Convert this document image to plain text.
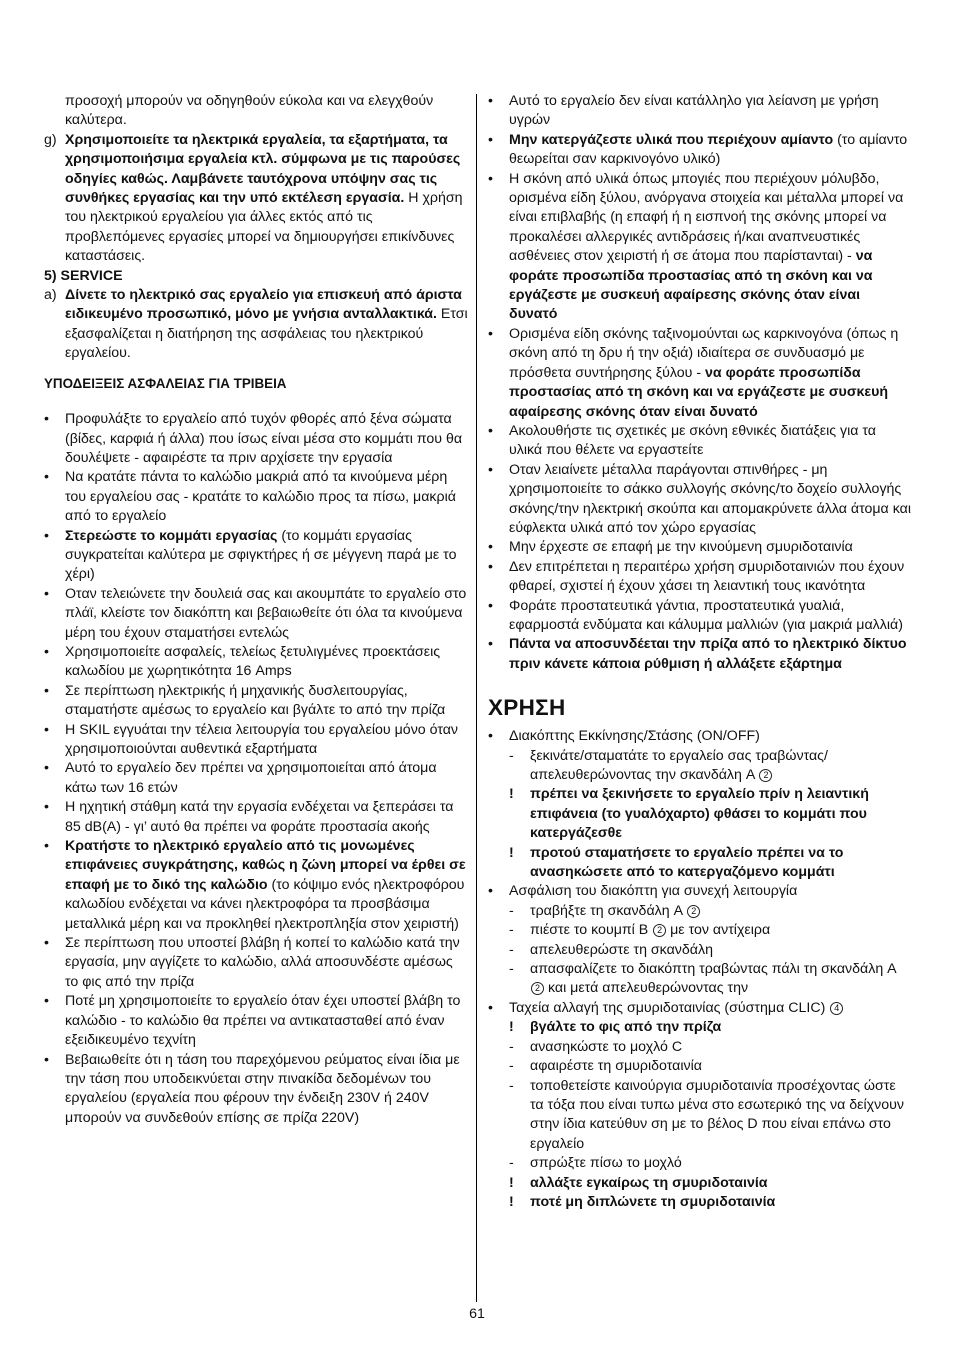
προσοχή μπορούν να οδηγηθούν εύκολα και να ελεγχθούν καλύτερα.

g) Χρησιμοποιείτε τα ηλεκτρικά εργαλεία, τα εξαρτήματα, τα χρησιμοποιήσιμα εργαλεία κτλ. σύμφωνα με τις παρούσες οδηγίες καθώς. Λαμβάνετε ταυτόχρονα υπόψην σας τις συνθήκες εργασίας και την υπό εκτέλεση εργασία. Η χρήση του ηλεκτρικού εργαλείου για άλλες εκτός από τις προβλεπόμενες εργασίες μπορεί να δημιουργήσει επικίνδυνες καταστάσεις.

5) SERVICE

a) Δίνετε το ηλεκτρικό σας εργαλείο για επισκευή από άριστα ειδικευμένο προσωπικό, μόνο με γνήσια ανταλλακτικά. Ετσι εξασφαλίζεται η διατήρηση της ασφάλειας του ηλεκτρικού εργαλείου.

ΥΠΟΔΕΙΞΕΙΣ ΑΣΦΑΛΕΙΑΣ ΓΙΑ ΤΡΙΒΕΙΑ

• Προφυλάξτε το εργαλείο από τυχόν φθορές από ξένα σώματα (βίδες, καρφιά ή άλλα) που ίσως είναι μέσα στο κομμάτι που θα δουλέψετε - αφαιρέστε τα πριν αρχίσετε την εργασία

• Να κρατάτε πάντα το καλώδιο μακριά από τα κινούμενα μέρη του εργαλείου σας - κρατάτε το καλώδιο προς τα πίσω, μακριά από το εργαλείο

• Στερεώστε το κομμάτι εργασίας (το κομμάτι εργασίας συγκρατείται καλύτερα με σφιγκτήρες ή σε μέγγενη παρά με το χέρι)

• Οταν τελειώνετε την δουλειά σας και ακουμπάτε το εργαλείο στο πλάϊ, κλείστε τον διακόπτη και βεβαιωθείτε ότι όλα τα κινούμενα μέρη του έχουν σταματήσει εντελώς

• Χρησιμοποιείτε ασφαλείς, τελείως ξετυλιγμένες προεκτάσεις καλωδίου με χωρητικότητα 16 Amps

• Σε περίπτωση ηλεκτρικής ή μηχανικής δυσλειτουργίας, σταματήστε αμέσως το εργαλείο και βγάλτε το από την πρίζα

• Η SKIL εγγυάται την τέλεια λειτουργία του εργαλείου μόνο όταν χρησιμοποιούνται αυθεντικά εξαρτήματα

• Αυτό το εργαλείο δεν πρέπει να χρησιμοποιείται από άτομα κάτω των 16 ετών

• Η ηχητική στάθμη κατά την εργασία ενδέχεται να ξεπεράσει τα 85 dB(A) - γι’ αυτό θα πρέπει να φοράτε προστασία ακοής

• Κρατήστε το ηλεκτρικό εργαλείο από τις μονωμένες επιφάνειες συγκράτησης, καθώς η ζώνη μπορεί να έρθει σε επαφή με το δικό της καλώδιο (το κόψιμο ενός ηλεκτροφόρου καλωδίου ενδέχεται να κάνει ηλεκτροφόρα τα προσβάσιμα μεταλλικά μέρη και να προκληθεί ηλεκτροπληξία στον χειριστή)

• Σε περίπτωση που υποστεί βλάβη ή κοπεί το καλώδιο κατά την εργασία, μην αγγίζετε το καλώδιο, αλλά αποσυνδέστε αμέσως το φις από την πρίζα

• Ποτέ μη χρησιμοποιείτε το εργαλείο όταν έχει υποστεί βλάβη το καλώδιο - το καλώδιο θα πρέπει να αντικατασταθεί από έναν εξειδικευμένο τεχνίτη

• Βεβαιωθείτε ότι η τάση του παρεχόμενου ρεύματος είναι ίδια με την τάση που υποδεικνύεται στην πινακίδα δεδομένων του εργαλείου (εργαλεία που φέρουν την ένδειξη 230V ή 240V μπορούν να συνδεθούν επίσης σε πρίζα 220V)

• Αυτό το εργαλείο δεν είναι κατάλληλο για λείανση με γρήση υγρών

• Μην κατεργάζεστε υλικά που περιέχουν αμίαντο (το αμίαντο θεωρείται σαν καρκινογόνο υλικό)

• Η σκόνη από υλικά όπως μπογιές που περιέχουν μόλυβδο, ορισμένα είδη ξύλου, ανόργανα στοιχεία και μέταλλα μπορεί να είναι επιβλαβής (η επαφή ή η εισπνοή της σκόνης μπορεί να προκαλέσει αλλεργικές αντιδράσεις ή/και αναπνευστικές ασθένειες στον χειριστή ή σε άτομα που παρίστανται) - να φοράτε προσωπίδα προστασίας από τη σκόνη και να εργάζεστε με συσκευή αφαίρεσης σκόνης όταν είναι δυνατό

• Ορισμένα είδη σκόνης ταξινομούνται ως καρκινογόνα (όπως η σκόνη από τη δρυ ή την οξιά) ιδιαίτερα σε συνδυασμό με πρόσθετα συντήρησης ξύλου - να φοράτε προσωπίδα προστασίας από τη σκόνη και να εργάζεστε με συσκευή αφαίρεσης σκόνης όταν είναι δυνατό

• Ακολουθήστε τις σχετικές με σκόνη εθνικές διατάξεις για τα υλικά που θέλετε να εργαστείτε

• Οταν λειαίνετε μέταλλα παράγονται σπινθήρες - μη χρησιμοποιείτε το σάκκο συλλογής σκόνης/το δοχείο συλλογής σκόνης/την ηλεκτρική σκούπα και απομακρύνετε άλλα άτομα και εύφλεκτα υλικά από τον χώρο εργασίας

• Μην έρχεστε σε επαφή με την κινούμενη σμυριδοταινία

• Δεν επιτρέπεται η περαιτέρω χρήση σμυριδοταινιών που έχουν φθαρεί, σχιστεί ή έχουν χάσει τη λειαντική τους ικανότητα

• Φοράτε προστατευτικά γάντια, προστατευτικά γυαλιά, εφαρμοστά ενδύματα και κάλυμμα μαλλιών (για μακριά μαλλιά)

• Πάντα να αποσυνδέεται την πρίζα από το ηλεκτρικό δίκτυο πριν κάνετε κάποια ρύθμιση ή αλλάξετε εξάρτημα

ΧΡΗΣΗ

• Διακόπτης Εκκίνησης/Στάσης (ON/OFF)

- ξεκινάτε/σταματάτε το εργαλείο σας τραβώντας/ απελευθερώνοντας την σκανδάλη A 2

! πρέπει να ξεκινήσετε το εργαλείο πρίν η λειαντική επιφάνεια (το γυαλόχαρτο) φθάσει το κομμάτι που κατεργάζεσθε

! προτού σταματήσετε το εργαλείο πρέπει να το ανασηκώσετε από το κατεργαζόμενο κομμάτι

• Ασφάλιση του διακόπτη για συνεχή λειτουργία

- τραβήξτε τη σκανδάλη A 2

- πιέστε το κουμπί B 2 με τον αντίχειρα

- απελευθερώστε τη σκανδάλη

- απασφαλίζετε το διακόπτη τραβώντας πάλι τη σκανδάλη A 2 και μετά απελευθερώνοντας την

• Ταχεία αλλαγή της σμυριδοταινίας (σύστημα CLIC) 4

! βγάλτε το φις από την πρίζα

- ανασηκώστε το μοχλό C

- αφαιρέστε τη σμυριδοταινία

- τοποθετείστε καινούργια σμυριδοταινία προσέχοντας ώστε τα τόξα που είναι τυπω μένα στο εσωτερικό της να δείχνουν στην ίδια κατεύθυν ση με το βέλος D που είναι επάνω στο εργαλείο

- σπρώξτε πίσω το μοχλό

! αλλάξτε εγκαίρως τη σμυριδοταινία

! ποτέ μη διπλώνετε τη σμυριδοταινία

61
